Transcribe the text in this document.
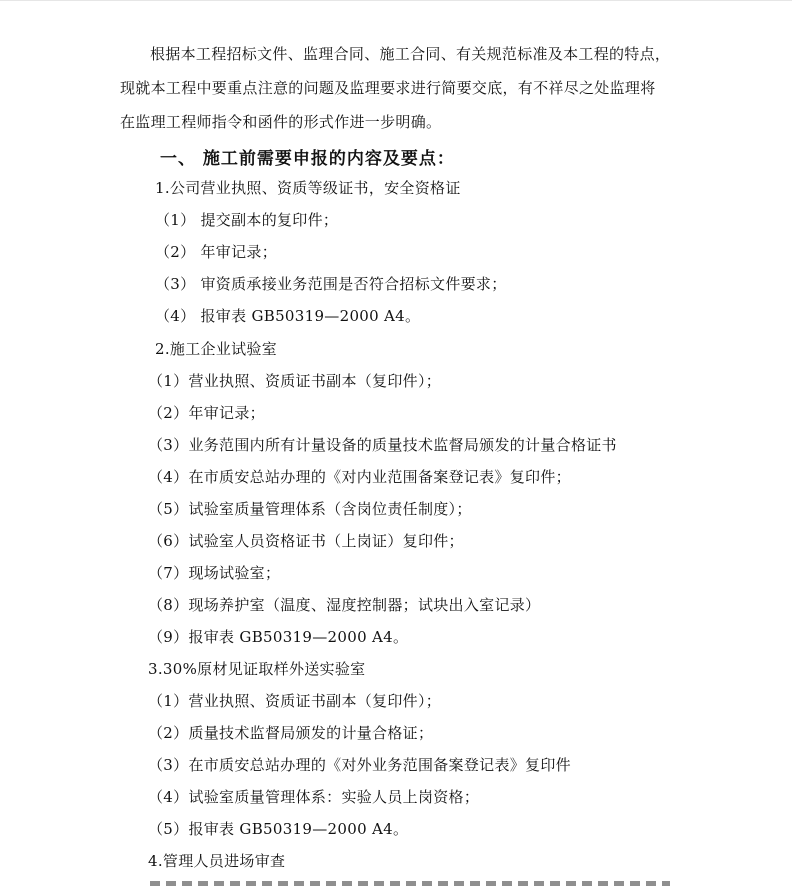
根据本工程招标文件、监理合同、施工合同、有关规范标准及本工程的特点，
现就本工程中要重点注意的问题及监理要求进行简要交底，有不祥尽之处监理将
在监理工程师指令和函件的形式作进一步明确。
一、 施工前需要申报的内容及要点：
1.公司营业执照、资质等级证书，安全资格证
（1） 提交副本的复印件；
（2） 年审记录；
（3） 审资质承接业务范围是否符合招标文件要求；
（4） 报审表 GB50319—2000 A4。
2.施工企业试验室
（1）营业执照、资质证书副本（复印件）；
（2）年审记录；
（3）业务范围内所有计量设备的质量技术监督局颁发的计量合格证书
（4）在市质安总站办理的《对内业范围备案登记表》复印件；
（5）试验室质量管理体系（含岗位责任制度）；
（6）试验室人员资格证书（上岗证）复印件；
（7）现场试验室；
（8）现场养护室（温度、湿度控制器；试块出入室记录）
（9）报审表 GB50319—2000 A4。
3.30%原材见证取样外送实验室
（1）营业执照、资质证书副本（复印件）；
（2）质量技术监督局颁发的计量合格证；
（3）在市质安总站办理的《对外业务范围备案登记表》复印件
（4）试验室质量管理体系：实验人员上岗资格；
（5）报审表 GB50319—2000 A4。
4.管理人员进场审查
